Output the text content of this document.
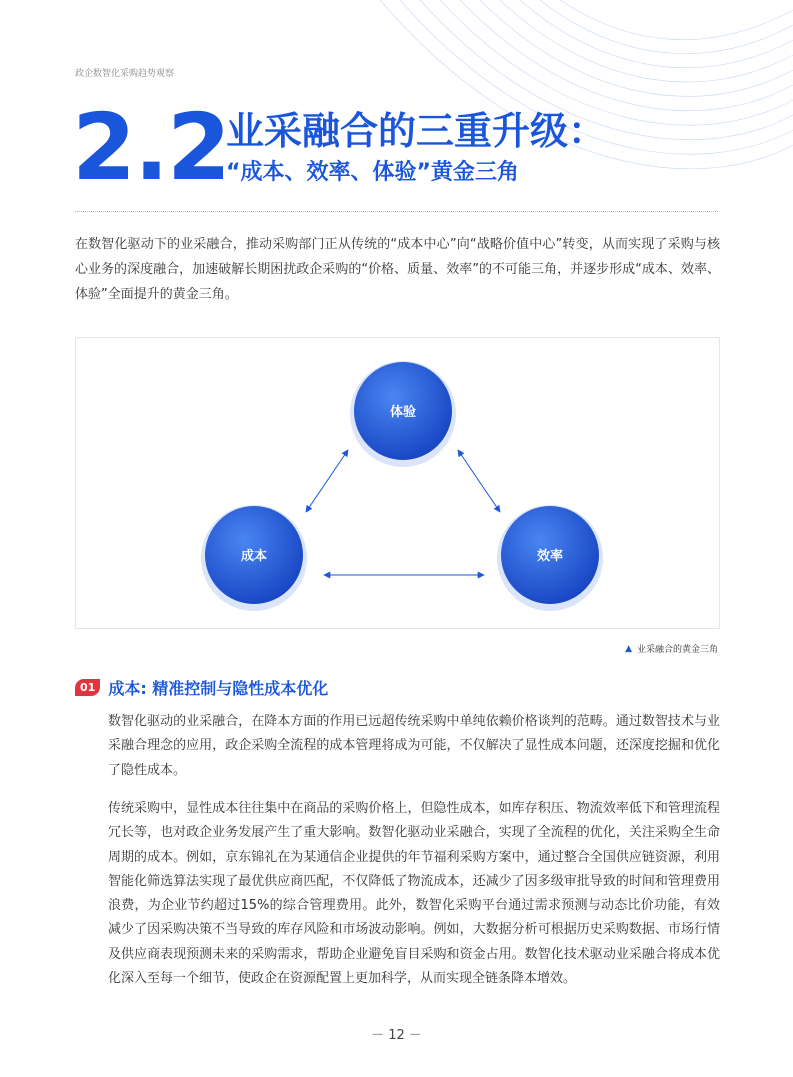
政企数智化采购趋势观察
2.2
业采融合的三重升级：
“成本、效率、体验”黄金三角
在数智化驱动下的业采融合，推动采购部门正从传统的“成本中心”向“战略价值中心”转变，从而实现了采购与核心业务的深度融合，加速破解长期困扰政企采购的“价格、质量、效率”的不可能三角，并逐步形成“成本、效率、体验”全面提升的黄金三角。
体验
成本	效率
▲ 业采融合的黄金三角
01 成本: 精准控制与隐性成本优化
数智化驱动的业采融合，在降本方面的作用已远超传统采购中单纯依赖价格谈判的范畴。通过数智技术与业采融合理念的应用，政企采购全流程的成本管理将成为可能，不仅解决了显性成本问题，还深度挖掘和优化了隐性成本。
传统采购中，显性成本往往集中在商品的采购价格上，但隐性成本，如库存积压、物流效率低下和管理流程冗长等，也对政企业务发展产生了重大影响。数智化驱动业采融合，实现了全流程的优化，关注采购全生命周期的成本。例如，京东锦礼在为某通信企业提供的年节福利采购方案中，通过整合全国供应链资源，利用智能化筛选算法实现了最优供应商匹配，不仅降低了物流成本，还减少了因多级审批导致的时间和管理费用浪费，为企业节约超过15%的综合管理费用。此外，数智化采购平台通过需求预测与动态比价功能，有效减少了因采购决策不当导致的库存风险和市场波动影响。例如，大数据分析可根据历史采购数据、市场行情及供应商表现预测未来的采购需求，帮助企业避免盲目采购和资金占用。数智化技术驱动业采融合将成本优化深入至每一个细节，使政企在资源配置上更加科学，从而实现全链条降本增效。
－ 12 －
